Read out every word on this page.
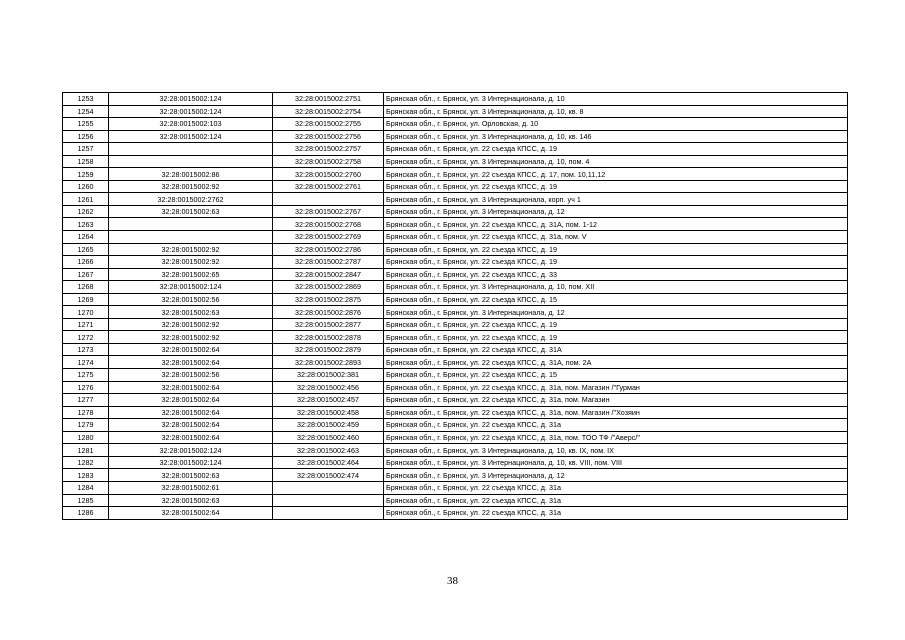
1253	32:28:0015002:124	32:28:0015002:2751	Брянская обл., г. Брянск, ул. 3 Интернационала, д. 10
1254	32:28:0015002:124	32:28:0015002:2754	Брянская обл., г. Брянск, ул. 3 Интернационала, д. 10, кв. 8
1255	32:28:0015002:103	32:28:0015002:2755	Брянская обл., г. Брянск, ул. Орловская, д. 10
1256	32:28:0015002:124	32:28:0015002:2756	Брянская обл., г. Брянск, ул. 3 Интернационала, д. 10, кв. 146
1257		32:28:0015002:2757	Брянская обл., г. Брянск, ул. 22 съезда КПСС, д. 19
1258		32:28:0015002:2758	Брянская обл., г. Брянск, ул. 3 Интернационала, д. 10, пом. 4
1259	32:28:0015002:86	32:28:0015002:2760	Брянская обл., г. Брянск, ул. 22 съезда КПСС, д. 17, пом. 10,11,12
1260	32:28:0015002:92	32:28:0015002:2761	Брянская обл., г. Брянск, ул. 22 съезда КПСС, д. 19
1261	32:28:0015002:2762		Брянская обл., г. Брянск, ул. 3 Интернационала, корп. уч 1
1262	32:28:0015002:63	32:28:0015002:2767	Брянская обл., г. Брянск, ул. 3 Интернационала, д. 12
1263		32:28:0015002:2768	Брянская обл., г. Брянск, ул. 22 съезда КПСС, д. 31А, пом. 1-12
1264		32:28:0015002:2769	Брянская обл., г. Брянск, ул. 22 съезда КПСС, д. 31а, пом. V
1265	32:28:0015002:92	32:28:0015002:2786	Брянская обл., г. Брянск, ул. 22 съезда КПСС, д. 19
1266	32:28:0015002:92	32:28:0015002:2787	Брянская обл., г. Брянск, ул. 22 съезда КПСС, д. 19
1267	32:28:0015002:65	32:28:0015002:2847	Брянская обл., г. Брянск, ул. 22 съезда КПСС, д. 33
1268	32:28:0015002:124	32:28:0015002:2869	Брянская обл., г. Брянск, ул. 3 Интернационала, д. 10, пом. XII
1269	32:28:0015002:56	32:28:0015002:2875	Брянская обл., г. Брянск, ул. 22 съезда КПСС, д. 15
1270	32:28:0015002:63	32:28:0015002:2876	Брянская обл., г. Брянск, ул. 3 Интернационала, д. 12
1271	32:28:0015002:92	32:28:0015002:2877	Брянская обл., г. Брянск, ул. 22 съезда КПСС, д. 19
1272	32:28:0015002:92	32:28:0015002:2878	Брянская обл., г. Брянск, ул. 22 съезда КПСС, д. 19
1273	32:28:0015002:64	32:28:0015002:2879	Брянская обл., г. Брянск, ул. 22 съезда КПСС, д. 31А
1274	32:28:0015002:64	32:28:0015002:2893	Брянская обл., г. Брянск, ул. 22 съезда КПСС, д. 31А, пом. 2А
1275	32:28:0015002:56	32:28:0015002:381	Брянская обл., г. Брянск, ул. 22 съезда КПСС, д. 15
1276	32:28:0015002:64	32:28:0015002:456	Брянская обл., г. Брянск, ул. 22 съезда КПСС, д. 31а, пом. Магазин /"Гурман
1277	32:28:0015002:64	32:28:0015002:457	Брянская обл., г. Брянск, ул. 22 съезда КПСС, д. 31а, пом. Магазин
1278	32:28:0015002:64	32:28:0015002:458	Брянская обл., г. Брянск, ул. 22 съезда КПСС, д. 31а, пом. Магазин /"Хозяин
1279	32:28:0015002:64	32:28:0015002:459	Брянская обл., г. Брянск, ул. 22 съезда КПСС, д. 31а
1280	32:28:0015002:64	32:28:0015002:460	Брянская обл., г. Брянск, ул. 22 съезда КПСС, д. 31а, пом. ТОО ТФ /"Аверс/"
1281	32:28:0015002:124	32:28:0015002:463	Брянская обл., г. Брянск, ул. 3 Интернационала, д. 10, кв. IX, пом. IX
1282	32:28:0015002:124	32:28:0015002:464	Брянская обл., г. Брянск, ул. 3 Интернационала, д. 10, кв. VIII, пом. VIII
1283	32:28:0015002:63	32:28:0015002:474	Брянская обл., г. Брянск, ул. 3 Интернационала, д. 12
1284	32:28:0015002:61		Брянская обл., г. Брянск, ул. 22 съезда КПСС, д. 31а
1285	32:28:0015002:63		Брянская обл., г. Брянск, ул. 22 съезда КПСС, д. 31а
1286	32:28:0015002:64		Брянская обл., г. Брянск, ул. 22 съезда КПСС, д. 31а
38
